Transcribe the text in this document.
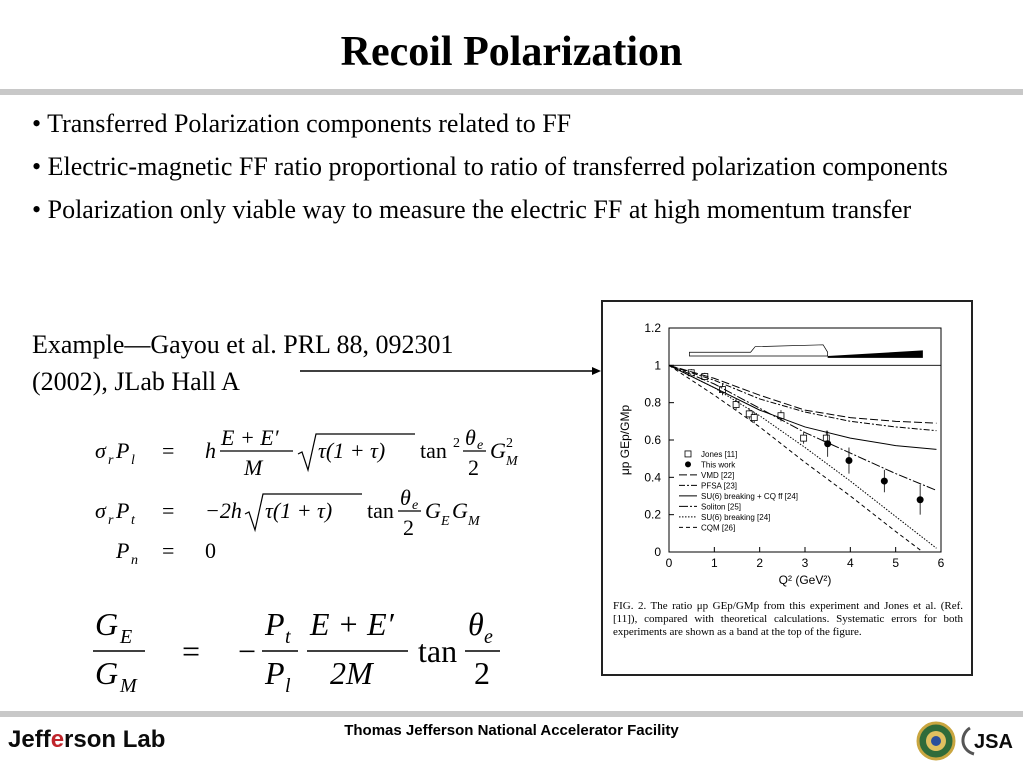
Recoil Polarization

• Transferred Polarization components related to FF

• Electric-magnetic FF ratio proportional to ratio of transferred polarization components

• Polarization only viable way to measure the electric FF at high momentum transfer

Example—Gayou et al. PRL 88, 092301
(2002), JLab Hall A
σ r P l = h
E + E′
M
τ(1 + τ) tan 2 θ e
2
G 2
M
σ r P t = −2h τ(1 + τ) tan
θ e
2
G E G M
P n = 0
G E
G M
= −
P t
P l
E + E′
2M
tan
θ e
2
0	1	2	3	4	5	6
0
0.2
0.4
0.6
0.8
1
1.2
Q² (GeV²)
μp GEp/GMp	Jones [11]
This work
VMD [22]
PFSA [23]
SU(6) breaking + CQ ff [24]
Soliton [25]
SU(6) breaking [24]
CQM [26]
FIG. 2. The ratio μp GEp/GMp from this experiment and Jones et al. (Ref. [11]), compared with theoretical calculations. Systematic errors for both experiments are shown as a band at the top of the figure.
Jefferson Lab	Thomas Jefferson National Accelerator Facility
JSA
